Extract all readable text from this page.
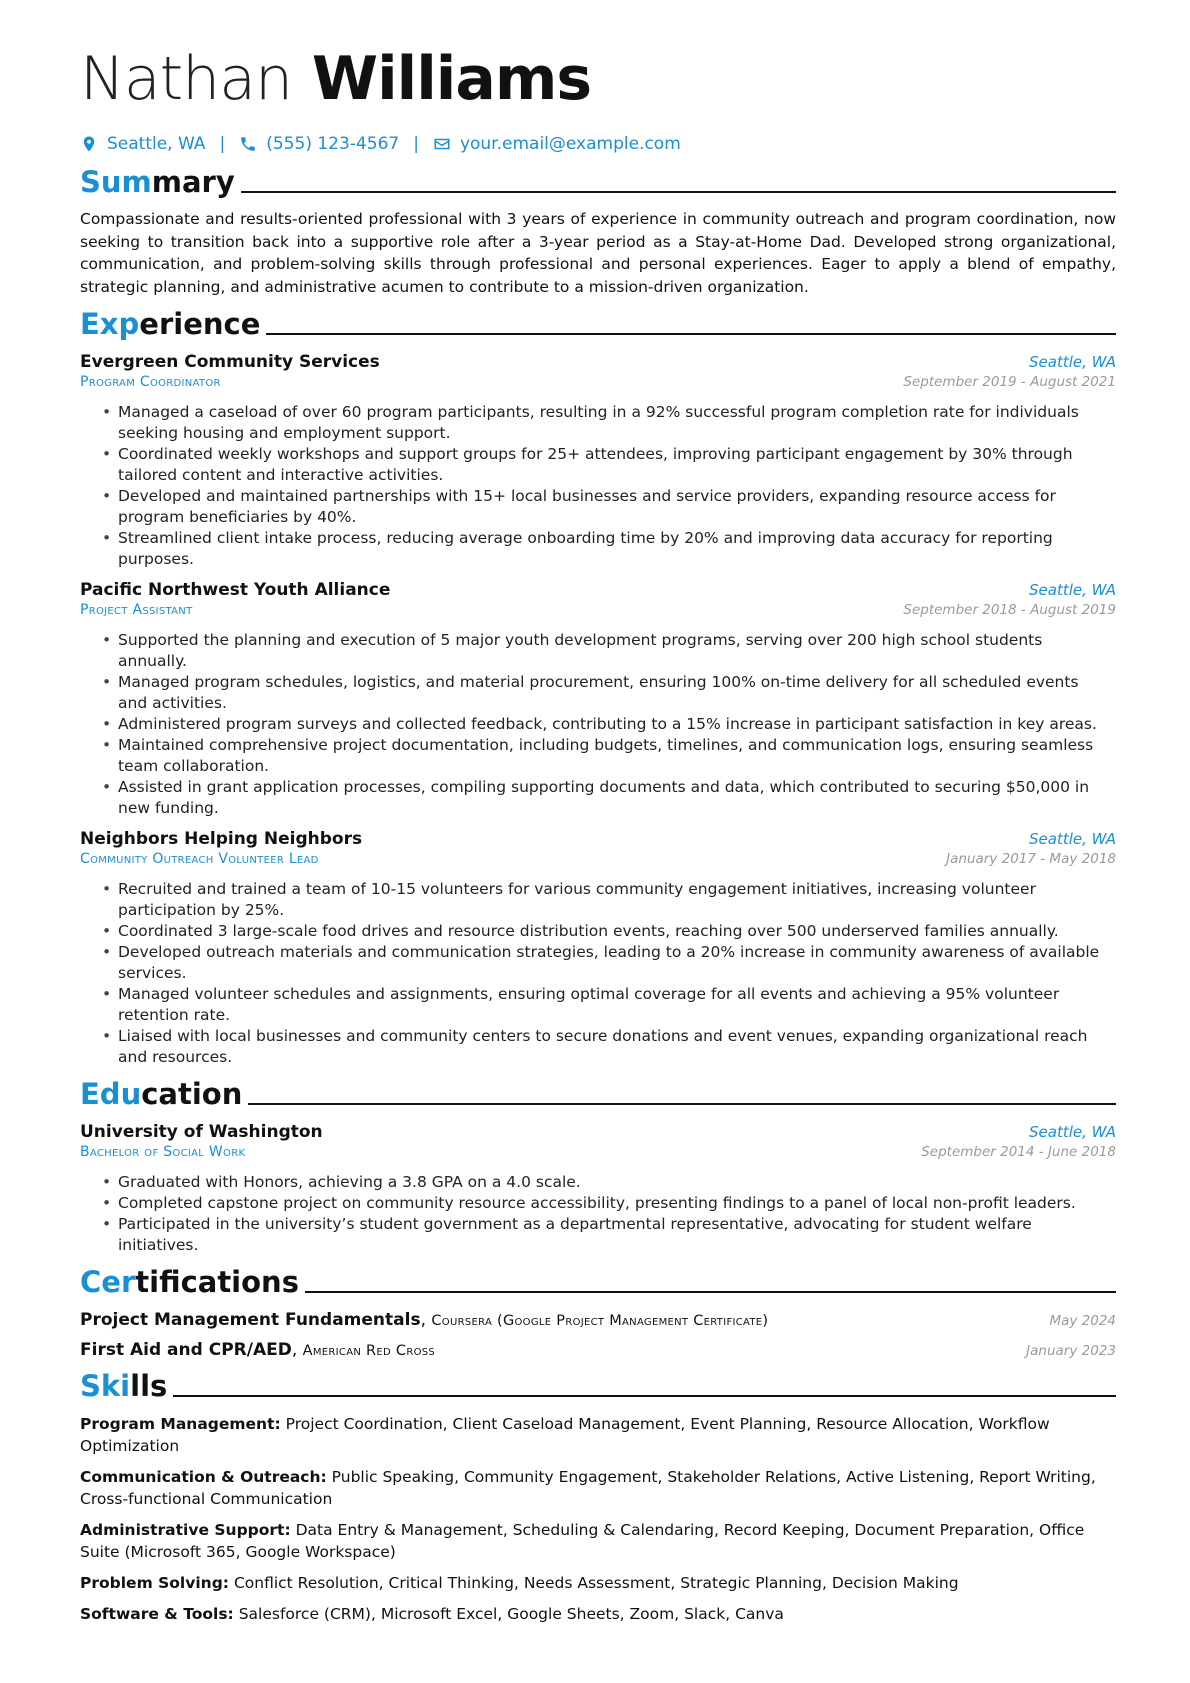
Nathan Williams
Seattle, WA | (555) 123-4567 | your.email@example.com
Summary

Compassionate and results-oriented professional with 3 years of experience in community outreach and program coordination, now seeking to transition back into a supportive role after a 3-year period as a Stay-at-Home Dad. Developed strong organizational, communication, and problem-solving skills through professional and personal experiences. Eager to apply a blend of empathy, strategic planning, and administrative acumen to contribute to a mission-driven organization.

Experience
Evergreen Community Services	Seattle, WA
Program Coordinator	September 2019 - August 2021
• Managed a caseload of over 60 program participants, resulting in a 92% successful program completion rate for individuals seeking housing and employment support.
• Coordinated weekly workshops and support groups for 25+ attendees, improving participant engagement by 30% through tailored content and interactive activities.
• Developed and maintained partnerships with 15+ local businesses and service providers, expanding resource access for program beneficiaries by 40%.
• Streamlined client intake process, reducing average onboarding time by 20% and improving data accuracy for reporting purposes.
Pacific Northwest Youth Alliance	Seattle, WA
Project Assistant	September 2018 - August 2019
• Supported the planning and execution of 5 major youth development programs, serving over 200 high school students annually.
• Managed program schedules, logistics, and material procurement, ensuring 100% on-time delivery for all scheduled events and activities.
• Administered program surveys and collected feedback, contributing to a 15% increase in participant satisfaction in key areas.
• Maintained comprehensive project documentation, including budgets, timelines, and communication logs, ensuring seamless team collaboration.
• Assisted in grant application processes, compiling supporting documents and data, which contributed to securing $50,000 in new funding.
Neighbors Helping Neighbors	Seattle, WA
Community Outreach Volunteer Lead	January 2017 - May 2018
• Recruited and trained a team of 10-15 volunteers for various community engagement initiatives, increasing volunteer participation by 25%.
• Coordinated 3 large-scale food drives and resource distribution events, reaching over 500 underserved families annually.
• Developed outreach materials and communication strategies, leading to a 20% increase in community awareness of available services.
• Managed volunteer schedules and assignments, ensuring optimal coverage for all events and achieving a 95% volunteer retention rate.
• Liaised with local businesses and community centers to secure donations and event venues, expanding organizational reach and resources.
Education
University of Washington	Seattle, WA
Bachelor of Social Work	September 2014 - June 2018
• Graduated with Honors, achieving a 3.8 GPA on a 4.0 scale.
• Completed capstone project on community resource accessibility, presenting findings to a panel of local non-profit leaders.
• Participated in the university’s student government as a departmental representative, advocating for student welfare initiatives.
Certifications
Project Management Fundamentals, Coursera (Google Project Management Certificate)	May 2024
First Aid and CPR/AED, American Red Cross	January 2023
Skills
Program Management: Project Coordination, Client Caseload Management, Event Planning, Resource Allocation, Workflow Optimization
Communication & Outreach: Public Speaking, Community Engagement, Stakeholder Relations, Active Listening, Report Writing, Cross-functional Communication
Administrative Support: Data Entry & Management, Scheduling & Calendaring, Record Keeping, Document Preparation, Office Suite (Microsoft 365, Google Workspace)
Problem Solving: Conflict Resolution, Critical Thinking, Needs Assessment, Strategic Planning, Decision Making
Software & Tools: Salesforce (CRM), Microsoft Excel, Google Sheets, Zoom, Slack, Canva
